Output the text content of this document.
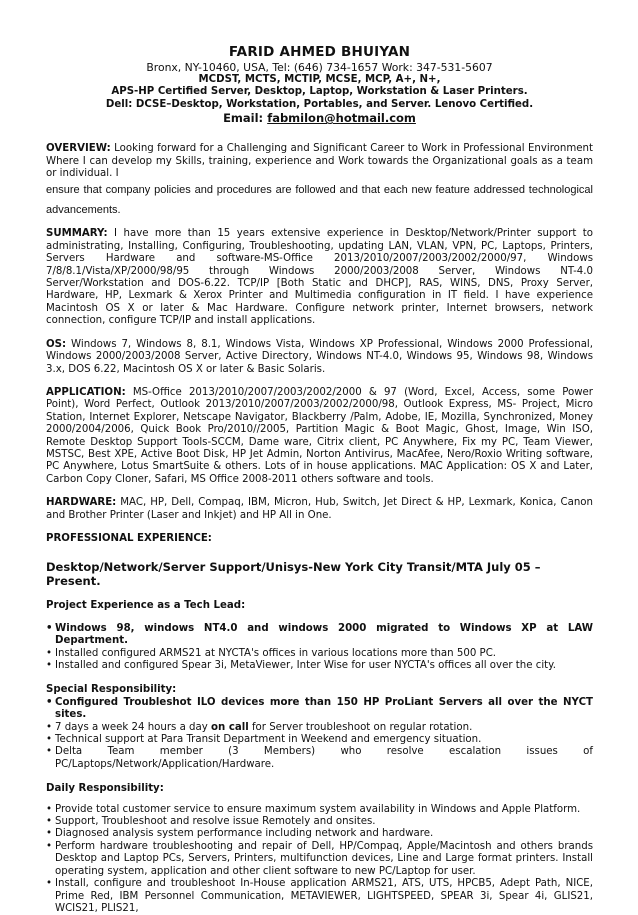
FARID AHMED BHUIYAN
Bronx, NY-10460, USA, Tel: (646) 734-1657 Work: 347-531-5607
MCDST, MCTS, MCTIP, MCSE, MCP, A+, N+,
APS-HP Certified Server, Desktop, Laptop, Workstation & Laser Printers.
Dell: DCSE–Desktop, Workstation, Portables, and Server. Lenovo Certified.
Email: fabmilon@hotmail.com

OVERVIEW: Looking forward for a Challenging and Significant Career to Work in Professional Environment Where I can develop my Skills, training, experience and Work towards the Organizational goals as a team or individual. I

ensure that company policies and procedures are followed and that each new feature addressed technological advancements.

SUMMARY: I have more than 15 years extensive experience in Desktop/Network/Printer support to administrating, Installing, Configuring, Troubleshooting, updating LAN, VLAN, VPN, PC, Laptops, Printers, Servers Hardware and software-MS-Office 2013/2010/2007/2003/2002/2000/97, Windows 7/8/8.1/Vista/XP/2000/98/95 through Windows 2000/2003/2008 Server, Windows NT-4.0 Server/Workstation and DOS-6.22. TCP/IP [Both Static and DHCP], RAS, WINS, DNS, Proxy Server, Hardware, HP, Lexmark & Xerox Printer and Multimedia configuration in IT field. I have experience Macintosh OS X or later & Mac Hardware. Configure network printer, Internet browsers, network connection, configure TCP/IP and install applications.

OS: Windows 7, Windows 8, 8.1, Windows Vista, Windows XP Professional, Windows 2000 Professional, Windows 2000/2003/2008 Server, Active Directory, Windows NT-4.0, Windows 95, Windows 98, Windows 3.x, DOS 6.22, Macintosh OS X or later & Basic Solaris.

APPLICATION: MS-Office 2013/2010/2007/2003/2002/2000 & 97 (Word, Excel, Access, some Power Point), Word Perfect, Outlook 2013/2010/2007/2003/2002/2000/98, Outlook Express, MS- Project, Micro Station, Internet Explorer, Netscape Navigator, Blackberry /Palm, Adobe, IE, Mozilla, Synchronized, Money 2000/2004/2006, Quick Book Pro/2010//2005, Partition Magic & Boot Magic, Ghost, Image, Win ISO, Remote Desktop Support Tools-SCCM, Dame ware, Citrix client, PC Anywhere, Fix my PC, Team Viewer, MSTSC, Best XPE, Active Boot Disk, HP Jet Admin, Norton Antivirus, MacAfee, Nero/Roxio Writing software, PC Anywhere, Lotus SmartSuite & others. Lots of in house applications. MAC Application: OS X and Later, Carbon Copy Cloner, Safari, MS Office 2008-2011 others software and tools.

HARDWARE: MAC, HP, Dell, Compaq, IBM, Micron, Hub, Switch, Jet Direct & HP, Lexmark, Konica, Canon and Brother Printer (Laser and Inkjet) and HP All in One.

PROFESSIONAL EXPERIENCE:
Desktop/Network/Server Support/Unisys-New York City Transit/MTA July 05 – Present.
Project Experience as a Tech Lead:
• Windows 98, windows NT4.0 and windows 2000 migrated to Windows XP at LAW Department.
• Installed configured ARMS21 at NYCTA's offices in various locations more than 500 PC.
• Installed and configured Spear 3i, MetaViewer, Inter Wise for user NYCTA's offices all over the city.
Special Responsibility:
• Configured Troubleshot ILO devices more than 150 HP ProLiant Servers all over the NYCT sites.
• 7 days a week 24 hours a day on call for Server troubleshoot on regular rotation.
• Technical support at Para Transit Department in Weekend and emergency situation.
• Delta Team member (3 Members) who resolve escalation issues of PC/Laptops/Network/Application/Hardware.
Daily Responsibility:
• Provide total customer service to ensure maximum system availability in Windows and Apple Platform.
• Support, Troubleshoot and resolve issue Remotely and onsites.
• Diagnosed analysis system performance including network and hardware.
• Perform hardware troubleshooting and repair of Dell, HP/Compaq, Apple/Macintosh and others brands Desktop and Laptop PCs, Servers, Printers, multifunction devices, Line and Large format printers. Install operating system, application and other client software to new PC/Laptop for user.
• Install, configure and troubleshoot In-House application ARMS21, ATS, UTS, HPCB5, Adept Path, NICE, Prime Red, IBM Personnel Communication, METAVIEWER, LIGHTSPEED, SPEAR 3i, Spear 4i, GLIS21, WCIS21, PLIS21,
